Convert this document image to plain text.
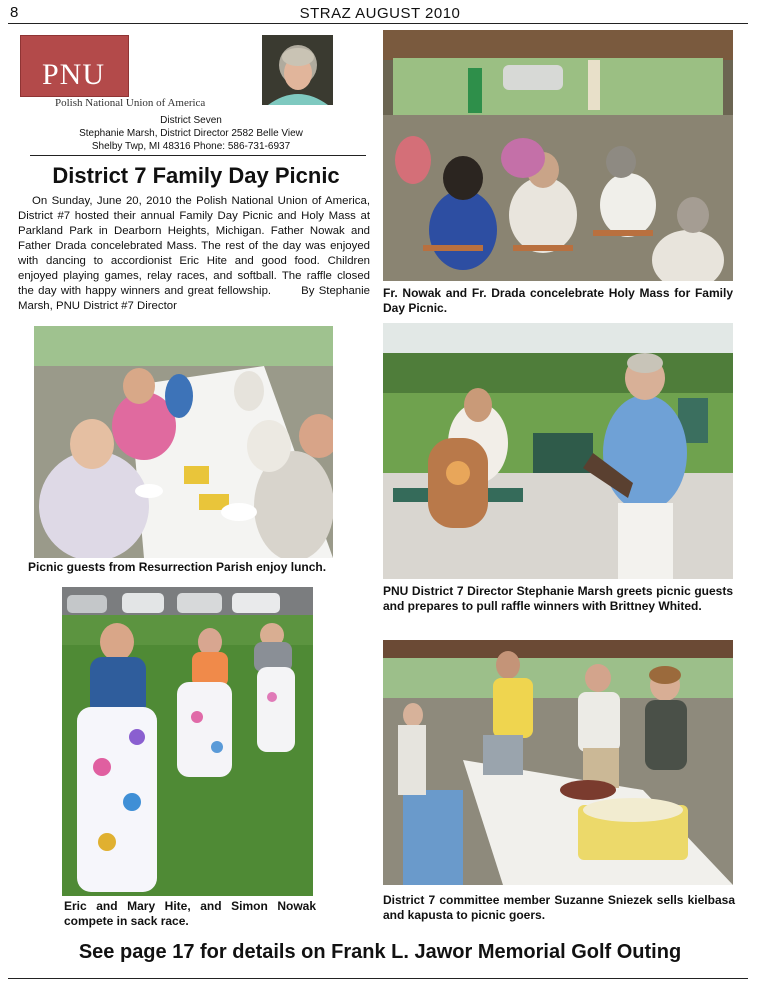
8	STRAZ AUGUST 2010
PNU
Polish National Union of America
District Seven
Stephanie Marsh, District Director 2582 Belle View
Shelby Twp, MI 48316 Phone: 586-731-6937
District 7 Family Day Picnic

On Sunday, June 20, 2010 the Polish National Union of America, District #7 hosted their annual Family Day Picnic and Holy Mass at Parkland Park in Dearborn Heights, Michigan. Father Nowak and Father Drada concelebrated Mass. The rest of the day was enjoyed with dancing to accordionist Eric Hite and good food. Children enjoyed playing games, relay races, and softball. The raffle closed the day with happy winners and great fellowship.	By Stephanie Marsh, PNU District #7 Director

Fr. Nowak and Fr. Drada concelebrate Holy Mass for Family Day Picnic.

Picnic guests from Resurrection Parish enjoy lunch.

PNU District 7 Director Stephanie Marsh greets picnic guests and prepares to pull raffle winners with Brittney Whited.

Eric and Mary Hite, and Simon Nowak compete in sack race.

District 7 committee member Suzanne Sniezek sells kielbasa and kapusta to picnic goers.

See page 17 for details on Frank L. Jawor Memorial Golf Outing
